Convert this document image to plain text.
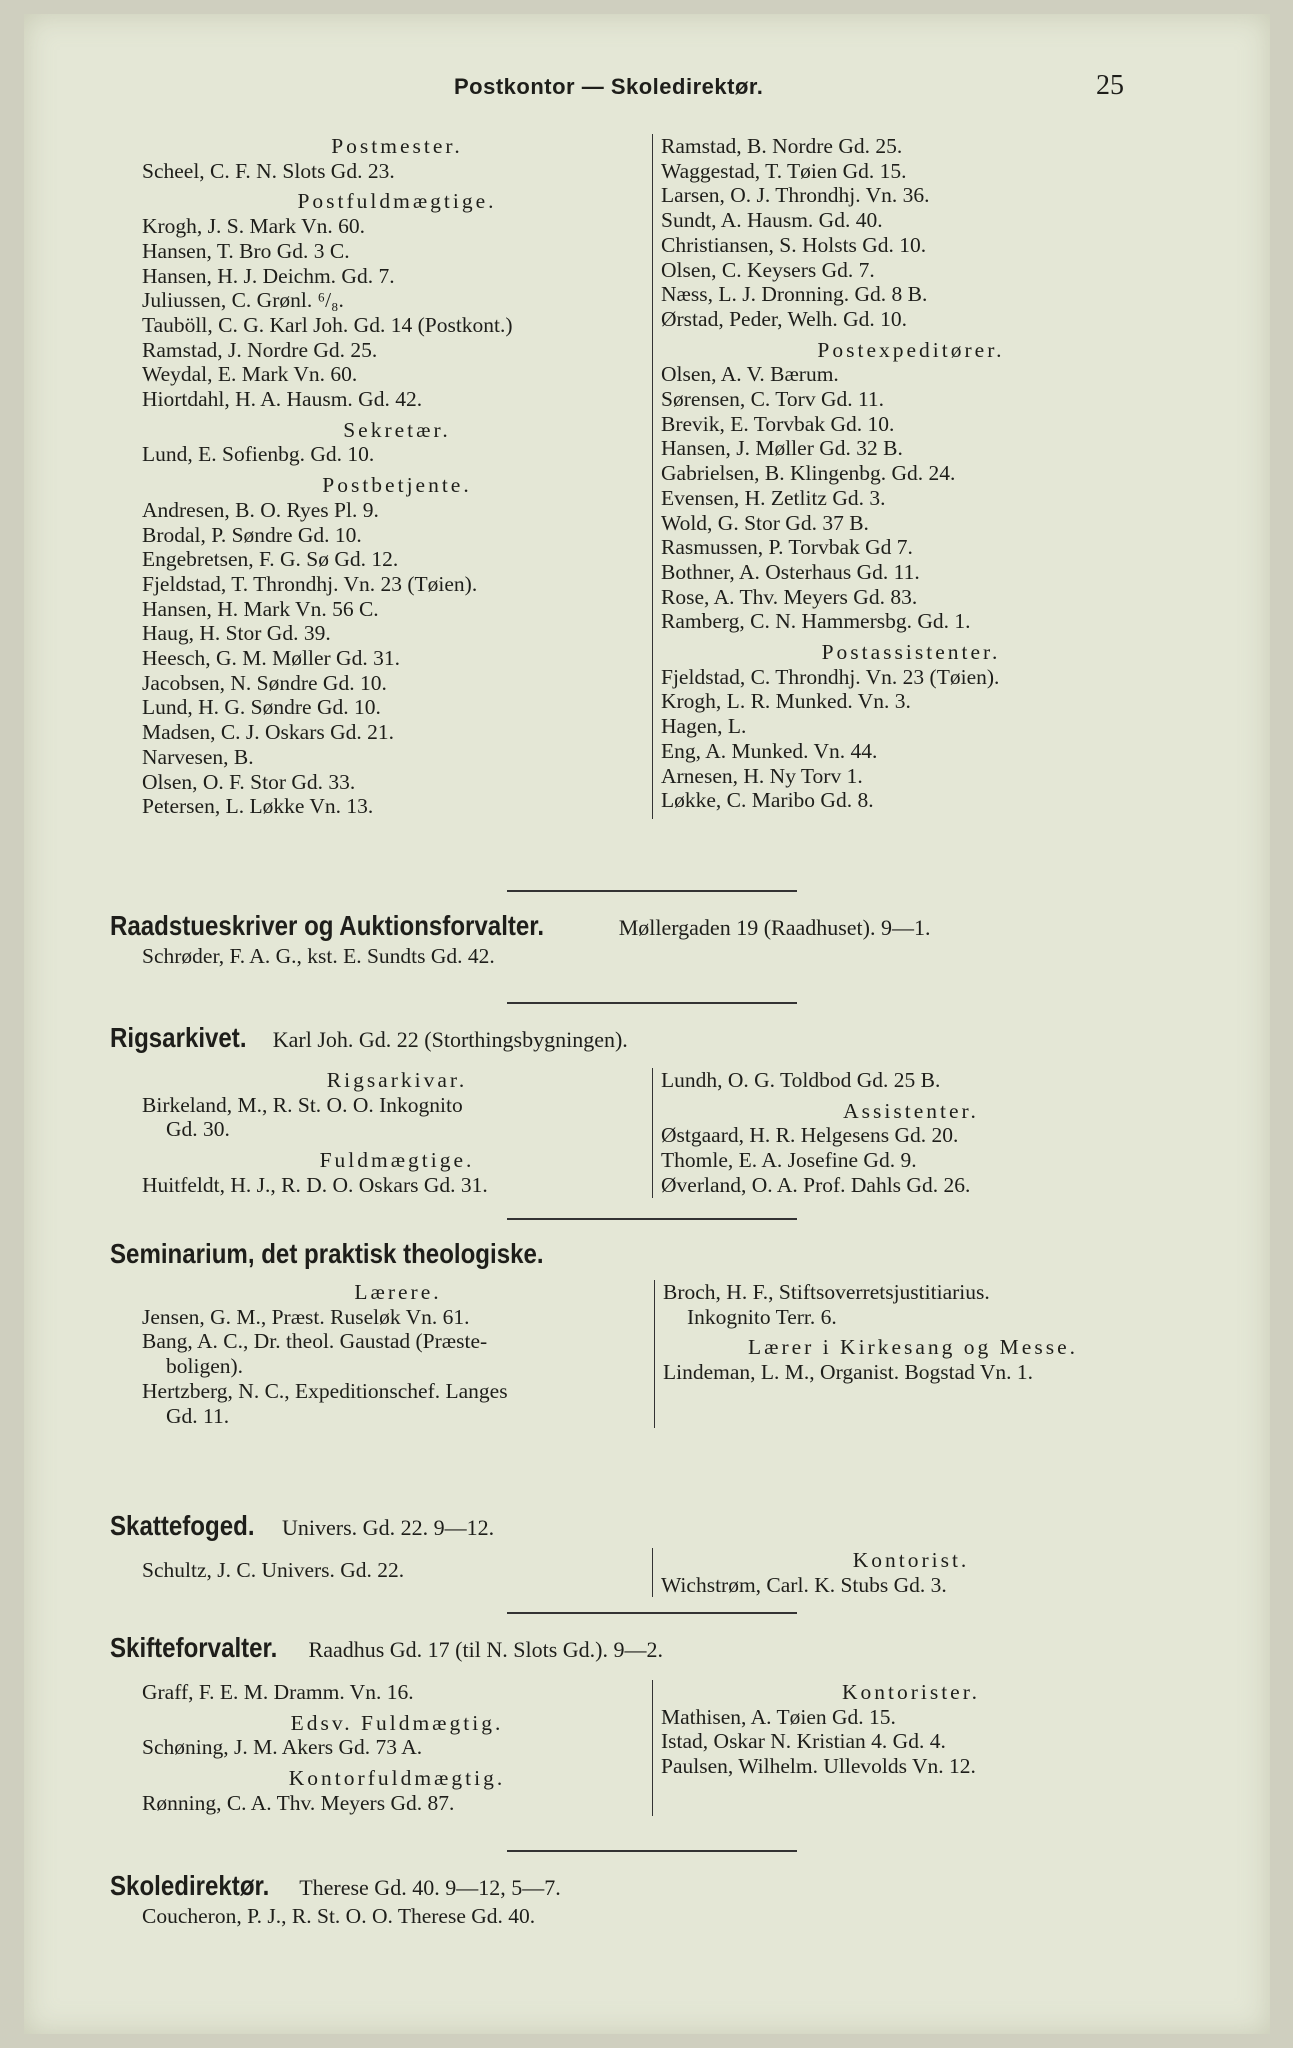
Postkontor — Skoledirektør.	25
Postmester.
Scheel, C. F. N. Slots Gd. 23.
Postfuldmægtige.
Krogh, J. S. Mark Vn. 60.
Hansen, T. Bro Gd. 3 C.
Hansen, H. J. Deichm. Gd. 7.
Juliussen, C. Grønl. ⁶/₈.
Tauböll, C. G. Karl Joh. Gd. 14 (Postkont.)
Ramstad, J. Nordre Gd. 25.
Weydal, E. Mark Vn. 60.
Hiortdahl, H. A. Hausm. Gd. 42.
Sekretær.
Lund, E. Sofienbg. Gd. 10.
Postbetjente.
Andresen, B. O. Ryes Pl. 9.
Brodal, P. Søndre Gd. 10.
Engebretsen, F. G. Sø Gd. 12.
Fjeldstad, T. Throndhj. Vn. 23 (Tøien).
Hansen, H. Mark Vn. 56 C.
Haug, H. Stor Gd. 39.
Heesch, G. M. Møller Gd. 31.
Jacobsen, N. Søndre Gd. 10.
Lund, H. G. Søndre Gd. 10.
Madsen, C. J. Oskars Gd. 21.
Narvesen, B.
Olsen, O. F. Stor Gd. 33.
Petersen, L. Løkke Vn. 13.
Ramstad, B. Nordre Gd. 25.
Waggestad, T. Tøien Gd. 15.
Larsen, O. J. Throndhj. Vn. 36.
Sundt, A. Hausm. Gd. 40.
Christiansen, S. Holsts Gd. 10.
Olsen, C. Keysers Gd. 7.
Næss, L. J. Dronning. Gd. 8 B.
Ørstad, Peder, Welh. Gd. 10.
Postexpeditører.
Olsen, A. V. Bærum.
Sørensen, C. Torv Gd. 11.
Brevik, E. Torvbak Gd. 10.
Hansen, J. Møller Gd. 32 B.
Gabrielsen, B. Klingenbg. Gd. 24.
Evensen, H. Zetlitz Gd. 3.
Wold, G. Stor Gd. 37 B.
Rasmussen, P. Torvbak Gd 7.
Bothner, A. Osterhaus Gd. 11.
Rose, A. Thv. Meyers Gd. 83.
Ramberg, C. N. Hammersbg. Gd. 1.
Postassistenter.
Fjeldstad, C. Throndhj. Vn. 23 (Tøien).
Krogh, L. R. Munked. Vn. 3.
Hagen, L.
Eng, A. Munked. Vn. 44.
Arnesen, H. Ny Torv 1.
Løkke, C. Maribo Gd. 8.
Raadstueskriver og Auktionsforvalter.	Møllergaden 19 (Raadhuset). 9—1.
Schrøder, F. A. G., kst. E. Sundts Gd. 42.
Rigsarkivet. Karl Joh. Gd. 22 (Storthingsbygningen).
Rigsarkivar.
Birkeland, M., R. St. O. O. Inkognito
Gd. 30.
Fuldmægtige.
Huitfeldt, H. J., R. D. O. Oskars Gd. 31.
Lundh, O. G. Toldbod Gd. 25 B.
Assistenter.
Østgaard, H. R. Helgesens Gd. 20.
Thomle, E. A. Josefine Gd. 9.
Øverland, O. A. Prof. Dahls Gd. 26.
Seminarium, det praktisk theologiske.
Lærere.
Jensen, G. M., Præst. Ruseløk Vn. 61.
Bang, A. C., Dr. theol. Gaustad (Præste-
boligen).
Hertzberg, N. C., Expeditionschef. Langes
Gd. 11.
Broch, H. F., Stiftsoverretsjustitiarius.
Inkognito Terr. 6.
Lærer i Kirkesang og Messe.
Lindeman, L. M., Organist. Bogstad Vn. 1.
Skattefoged. Univers. Gd. 22. 9—12.
Schultz, J. C. Univers. Gd. 22.	Kontorist.
Wichstrøm, Carl. K. Stubs Gd. 3.
Skifteforvalter. Raadhus Gd. 17 (til N. Slots Gd.). 9—2.
Graff, F. E. M. Dramm. Vn. 16.
Edsv. Fuldmægtig.
Schøning, J. M. Akers Gd. 73 A.
Kontorfuldmægtig.
Rønning, C. A. Thv. Meyers Gd. 87.
Kontorister.
Mathisen, A. Tøien Gd. 15.
Istad, Oskar N. Kristian 4. Gd. 4.
Paulsen, Wilhelm. Ullevolds Vn. 12.
Skoledirektør. Therese Gd. 40. 9—12, 5—7.
Coucheron, P. J., R. St. O. O. Therese Gd. 40.
